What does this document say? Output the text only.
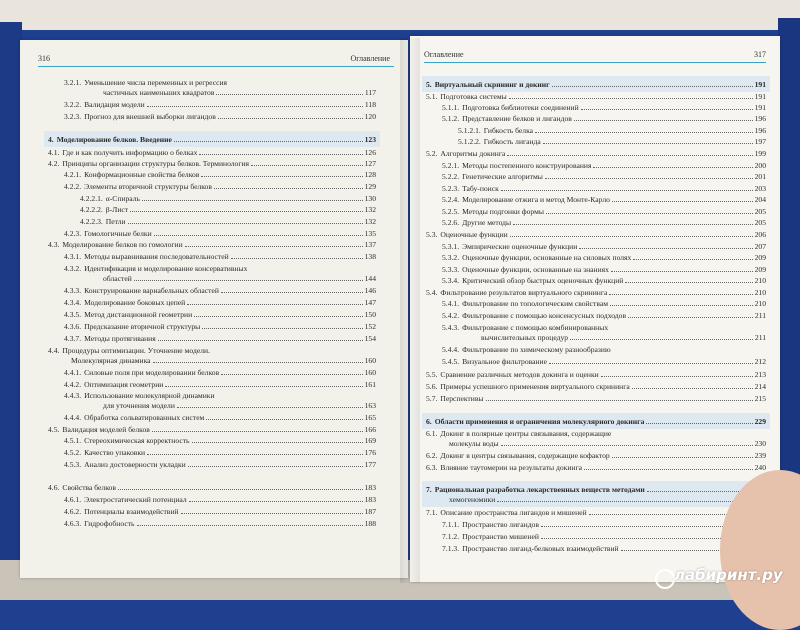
316	Оглавление
3.2.1. Уменьшение числа переменных и регрессия
частичных наименьших квадратов	117
3.2.2. Валидация модели	118
3.2.3. Прогноз для внешней выборки лигандов	120
4. Моделирование белков. Введение	123
4.1. Где и как получить информацию о белках	126
4.2. Принципы организации структуры белков. Терминология	127
4.2.1. Конформационные свойства белков	128
4.2.2. Элементы вторичной структуры белков	129
4.2.2.1. α-Спираль	130
4.2.2.2. β-Лист	132
4.2.2.3. Петли	132
4.2.3. Гомологичные белки	135
4.3. Моделирование белков по гомологии	137
4.3.1. Методы выравнивания последовательностей	138
4.3.2. Идентификация и моделирование консервативных
областей	144
4.3.3. Конструирование вариабельных областей	146
4.3.4. Моделирование боковых цепей	147
4.3.5. Метод дистанционной геометрии	150
4.3.6. Предсказание вторичной структуры	152
4.3.7. Методы протягивания	154
4.4. Процедуры оптимизации. Уточнение модели.
Молекулярная динамика	160
4.4.1. Силовые поля при моделировании белков	160
4.4.2. Оптимизация геометрии	161
4.4.3. Использование молекулярной динамики
для уточнения модели	163
4.4.4. Обработка сольватированных систем	165
4.5. Валидация моделей белков	166
4.5.1. Стереохимическая корректность	169
4.5.2. Качество упаковки	176
4.5.3. Анализ достоверности укладки	177
4.6. Свойства белков	183
4.6.1. Электростатический потенциал	183
4.6.2. Потенциалы взаимодействий	187
4.6.3. Гидрофобность	188
Оглавление	317
5. Виртуальный скрининг и докинг	191
5.1. Подготовка системы	191
5.1.1. Подготовка библиотеки соединений	191
5.1.2. Представление белков и лигандов	196
5.1.2.1. Гибкость белка	196
5.1.2.2. Гибкость лиганда	197
5.2. Алгоритмы докинга	199
5.2.1. Методы постепенного конструирования	200
5.2.2. Генетические алгоритмы	201
5.2.3. Табу-поиск	203
5.2.4. Моделирование отжига и метод Монте-Карло	204
5.2.5. Методы подгонки формы	205
5.2.6. Другие методы	205
5.3. Оценочные функции	206
5.3.1. Эмпирические оценочные функции	207
5.3.2. Оценочные функции, основанные на силовых полях	209
5.3.3. Оценочные функции, основанные на знаниях	209
5.3.4. Критический обзор быстрых оценочных функций	210
5.4. Фильтрование результатов виртуального скрининга	210
5.4.1. Фильтрование по топологическим свойствам	210
5.4.2. Фильтрование с помощью консенсусных подходов	211
5.4.3. Фильтрование с помощью комбинированных
вычислительных процедур	211
5.4.4. Фильтрование по химическому разнообразию
5.4.5. Визуальное фильтрование	212
5.5. Сравнение различных методов докинга и оценки	213
5.6. Примеры успешного применения виртуального скрининга	214
5.7. Перспективы	215
6. Области применения и ограничения молекулярного докинга	229
6.1. Докинг в полярные центры связывания, содержащие
молекулы воды	230
6.2. Докинг в центры связывания, содержащие кофактор	239
6.3. Влияние таутомерии на результаты докинга	240
7. Рациональная разработка лекарственных веществ методами
хемогеномики
7.1. Описание пространства лигандов и мишеней
7.1.1. Пространство лигандов
7.1.2. Пространство мишеней
7.1.3. Пространство лиганд-белковых взаимодействий
лабиринт.ру
